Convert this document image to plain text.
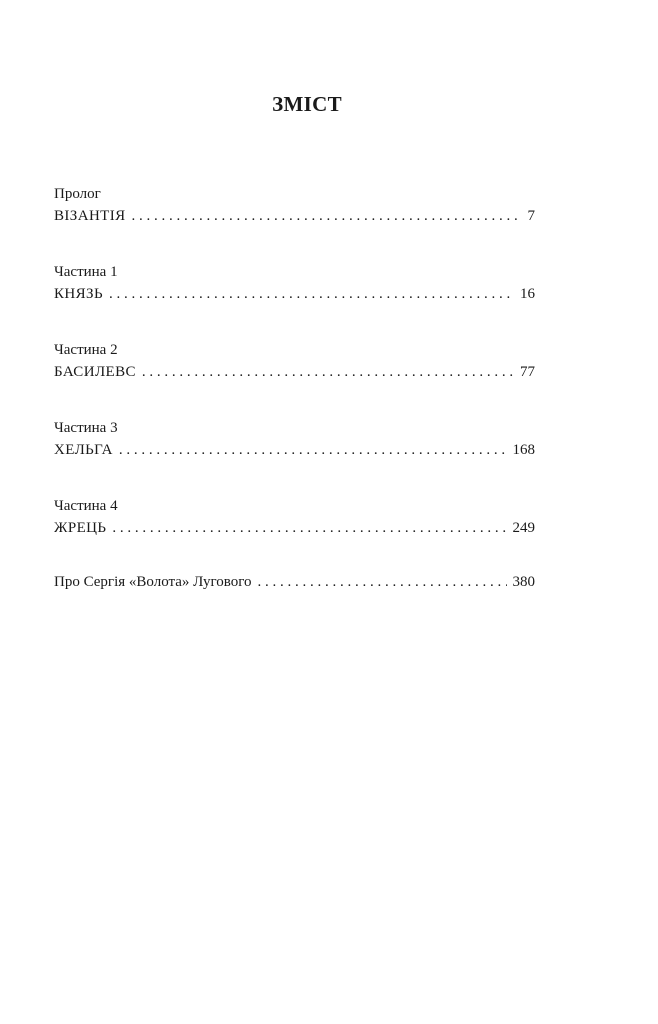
ЗМІСТ
Пролог
ВІЗАНТІЯ . . .	7
Частина 1
КНЯЗЬ . . .	16
Частина 2
БАСИЛЕВС . . .	77
Частина 3
ХЕЛЬГА . . .	168
Частина 4
ЖРЕЦЬ . . .	249
Про Сергія «Волота» Лугового . . .	380
